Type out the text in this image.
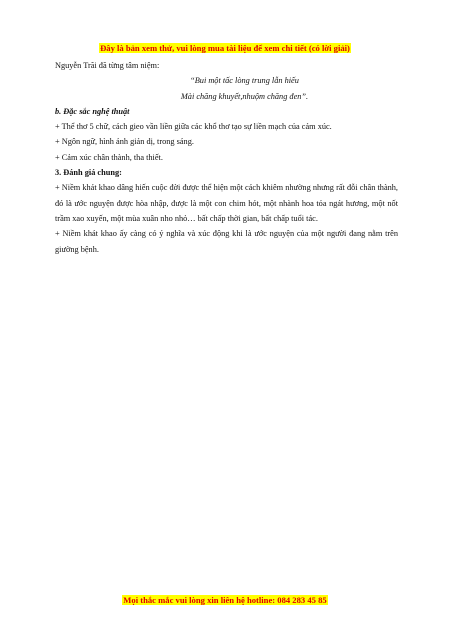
Đây là bản xem thử, vui lòng mua tài liệu để xem chi tiết (có lời giải)

Nguyễn Trãi đã từng tâm niệm:

“Bui một tấc lòng trung lẫn hiếu

Mài chăng khuyết,nhuộm chăng đen”.

b. Đặc sắc nghệ thuật

+ Thể thơ 5 chữ, cách gieo vần liền giữa các khổ thơ tạo sự liền mạch của cảm xúc.

+ Ngôn ngữ, hình ảnh giản dị, trong sáng.

+ Cảm xúc chân thành, tha thiết.

3. Đánh giá chung:

+ Niềm khát khao dâng hiến cuộc đời được thể hiện một cách khiêm nhường nhưng rất đỗi chân thành, đó là ước nguyện được hòa nhập, được là một con chim hót, một nhành hoa tỏa ngát hương, một nốt trầm xao xuyến, một mùa xuân nho nhỏ… bất chấp thời gian, bất chấp tuổi tác.

+ Niềm khát khao ấy càng có ý nghĩa và xúc động khi là ước nguyện của một người đang nằm trên giường bệnh.

Mọi thắc mắc vui lòng xin liên hệ hotline: 084 283 45 85
